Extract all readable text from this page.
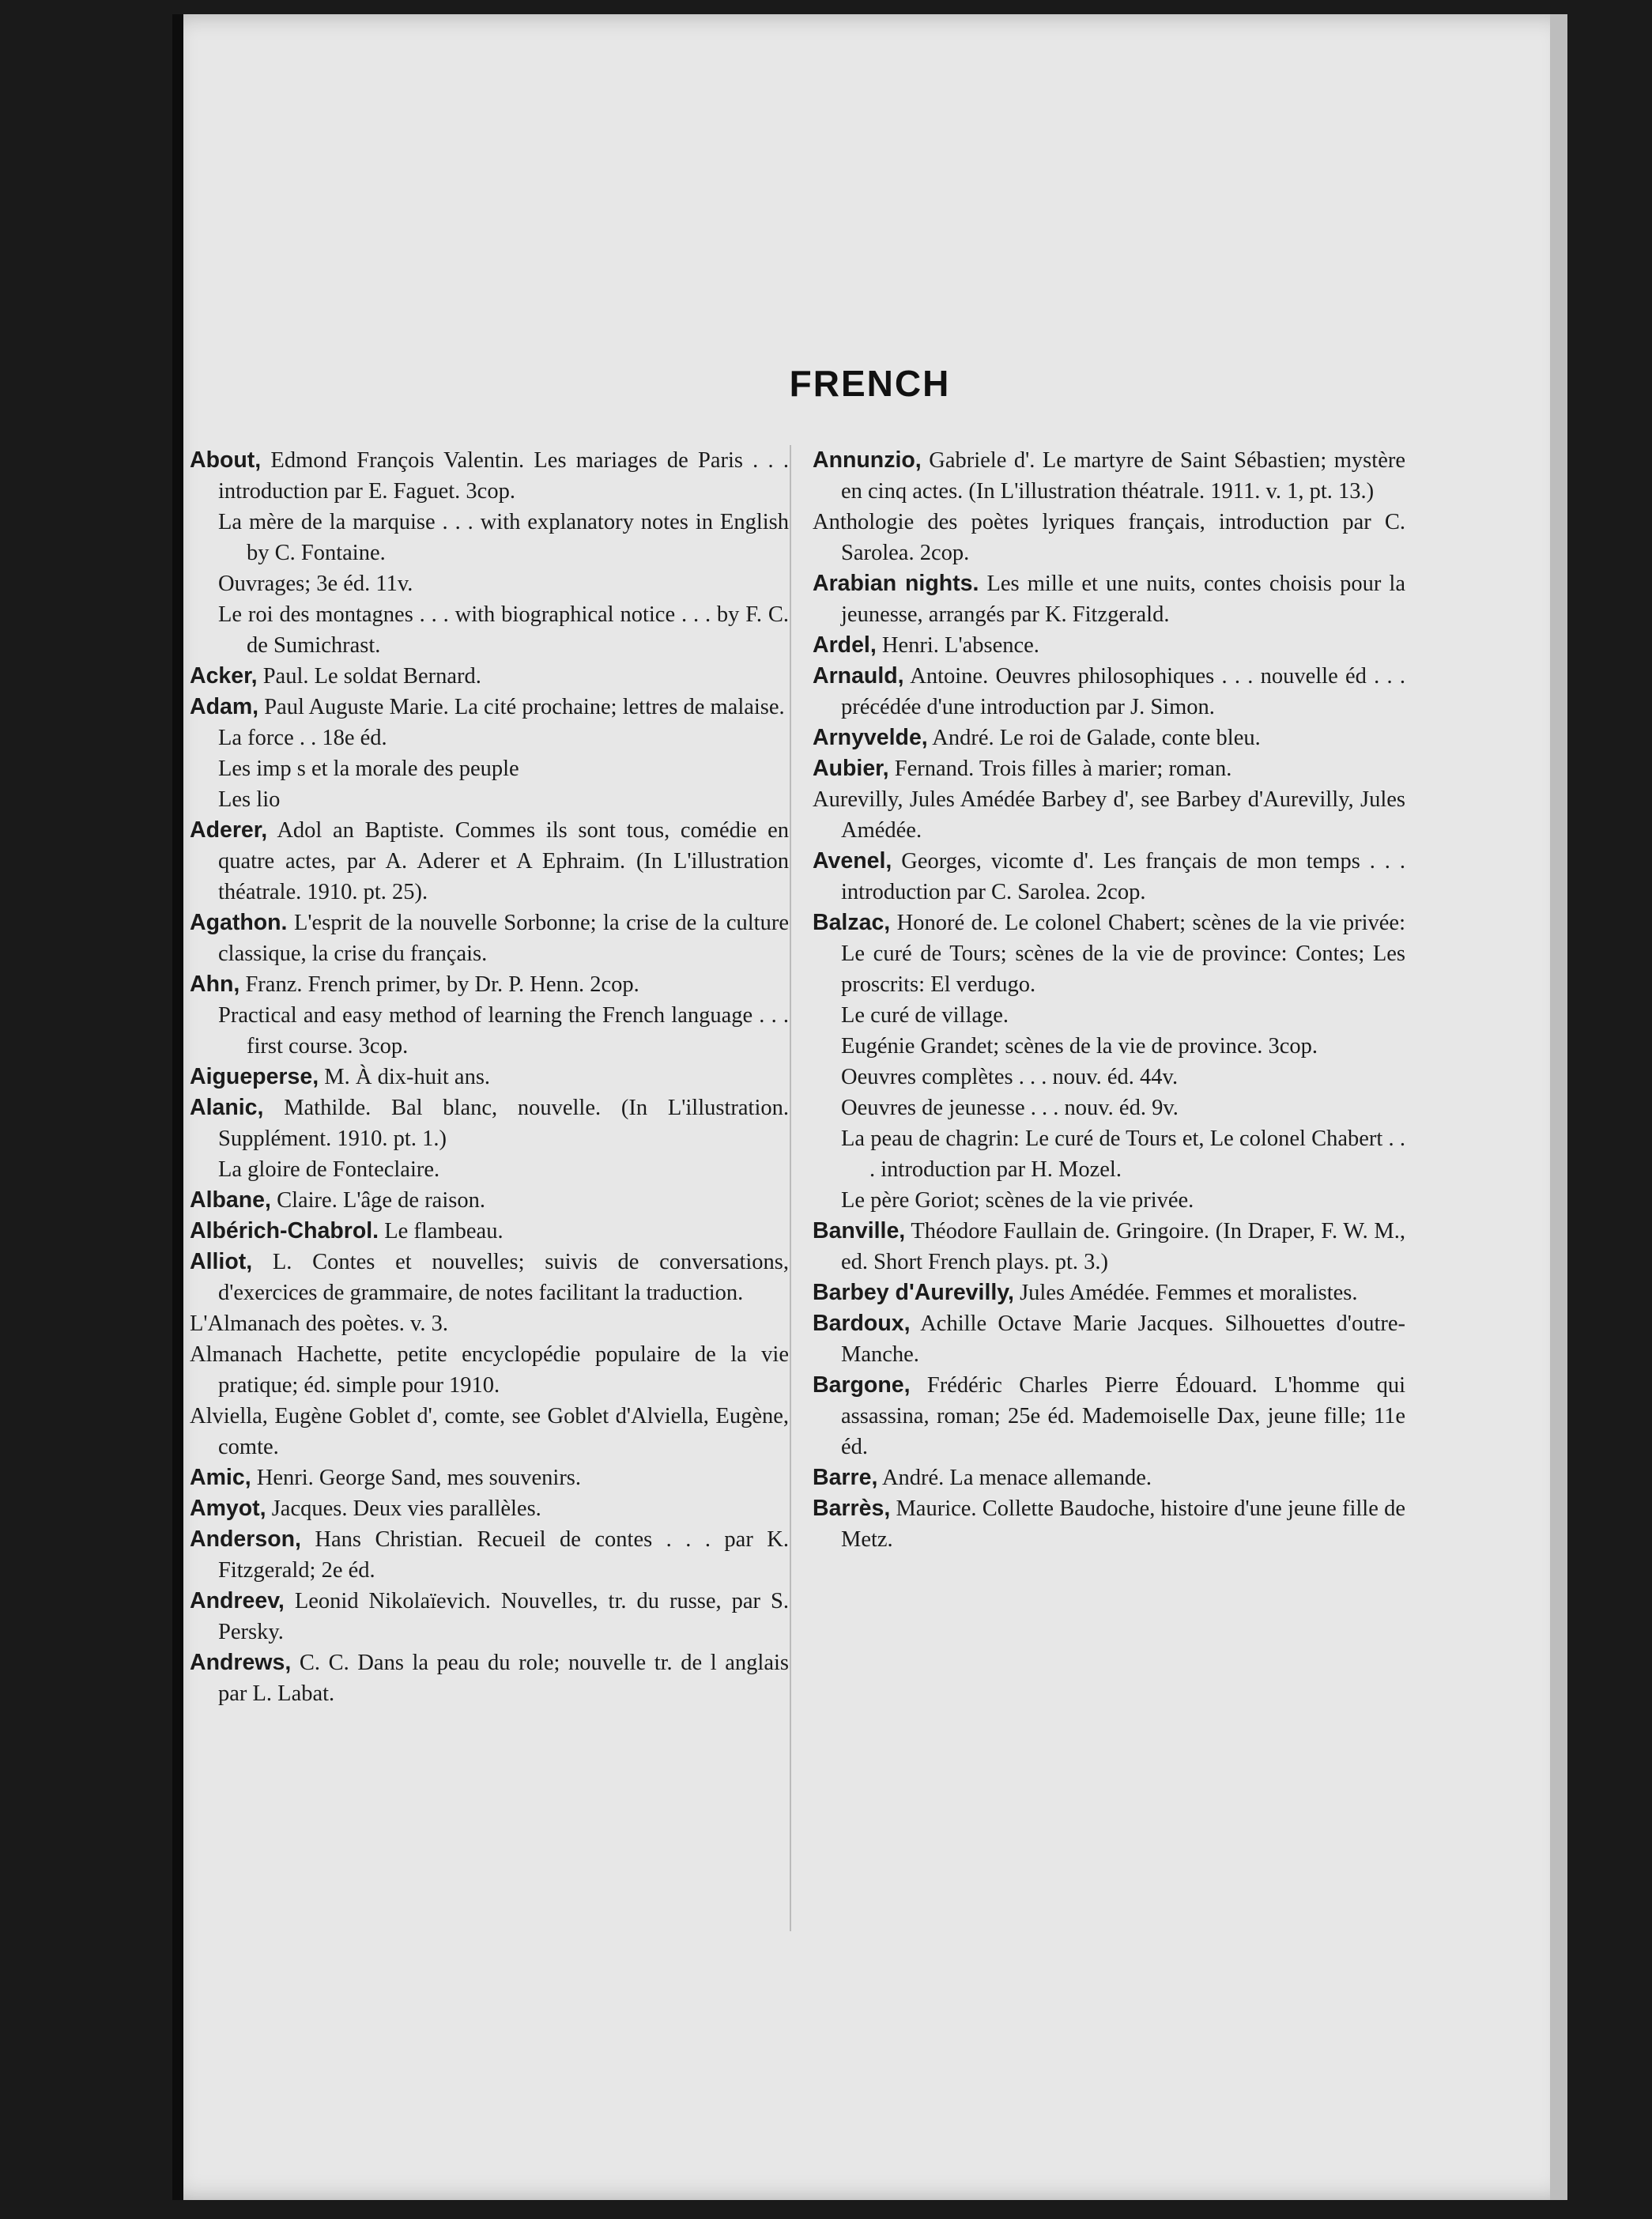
FRENCH
About, Edmond François Valentin. Les mariages de Paris . . . introduction par E. Faguet. 3cop.
La mère de la marquise . . . with explanatory notes in English by C. Fontaine.
Ouvrages; 3e éd. 11v.
Le roi des montagnes . . . with biographical notice . . . by F. C. de Sumichrast.
Acker, Paul. Le soldat Bernard.
Adam, Paul Auguste Marie. La cité prochaine; lettres de malaise.
La force . . 18e éd.
Les imp s et la morale des peuple
Les lio
Aderer, Adol an Baptiste. Commes ils sont tous, comédie en quatre actes, par A. Aderer et A Ephraim. (In L'illustration théatrale. 1910. pt. 25).
Agathon. L'esprit de la nouvelle Sorbonne; la crise de la culture classique, la crise du français.
Ahn, Franz. French primer, by Dr. P. Henn. 2cop.
Practical and easy method of learning the French language . . . first course. 3cop.
Aigueperse, M. À dix-huit ans.
Alanic, Mathilde. Bal blanc, nouvelle. (In L'illustration. Supplément. 1910. pt. 1.)
La gloire de Fonteclaire.
Albane, Claire. L'âge de raison.
Albérich-Chabrol. Le flambeau.
Alliot, L. Contes et nouvelles; suivis de conversations, d'exercices de grammaire, de notes facilitant la traduction.
L'Almanach des poètes. v. 3.
Almanach Hachette, petite encyclopédie populaire de la vie pratique; éd. simple pour 1910.
Alviella, Eugène Goblet d', comte, see Goblet d'Alviella, Eugène, comte.
Amic, Henri. George Sand, mes souvenirs.
Amyot, Jacques. Deux vies parallèles.
Anderson, Hans Christian. Recueil de contes . . . par K. Fitzgerald; 2e éd.
Andreev, Leonid Nikolaïevich. Nouvelles, tr. du russe, par S. Persky.
Andrews, C. C. Dans la peau du role; nouvelle tr. de l anglais par L. Labat.
Annunzio, Gabriele d'. Le martyre de Saint Sébastien; mystère en cinq actes. (In L'illustration théatrale. 1911. v. 1, pt. 13.)
Anthologie des poètes lyriques français, introduction par C. Sarolea. 2cop.
Arabian nights. Les mille et une nuits, contes choisis pour la jeunesse, arrangés par K. Fitzgerald.
Ardel, Henri. L'absence.
Arnauld, Antoine. Oeuvres philosophiques . . . nouvelle éd . . . précédée d'une introduction par J. Simon.
Arnyvelde, André. Le roi de Galade, conte bleu.
Aubier, Fernand. Trois filles à marier; roman.
Aurevilly, Jules Amédée Barbey d', see Barbey d'Aurevilly, Jules Amédée.
Avenel, Georges, vicomte d'. Les français de mon temps . . . introduction par C. Sarolea. 2cop.
Balzac, Honoré de. Le colonel Chabert; scènes de la vie privée: Le curé de Tours; scènes de la vie de province: Contes; Les proscrits: El verdugo.
Le curé de village.
Eugénie Grandet; scènes de la vie de province. 3cop.
Oeuvres complètes . . . nouv. éd. 44v.
Oeuvres de jeunesse . . . nouv. éd. 9v.
La peau de chagrin: Le curé de Tours et, Le colonel Chabert . . . introduction par H. Mozel.
Le père Goriot; scènes de la vie privée.
Banville, Théodore Faullain de. Gringoire. (In Draper, F. W. M., ed. Short French plays. pt. 3.)
Barbey d'Aurevilly, Jules Amédée. Femmes et moralistes.
Bardoux, Achille Octave Marie Jacques. Silhouettes d'outre-Manche.
Bargone, Frédéric Charles Pierre Édouard. L'homme qui assassina, roman; 25e éd. Mademoiselle Dax, jeune fille; 11e éd.
Barre, André. La menace allemande.
Barrès, Maurice. Collette Baudoche, histoire d'une jeune fille de Metz.
